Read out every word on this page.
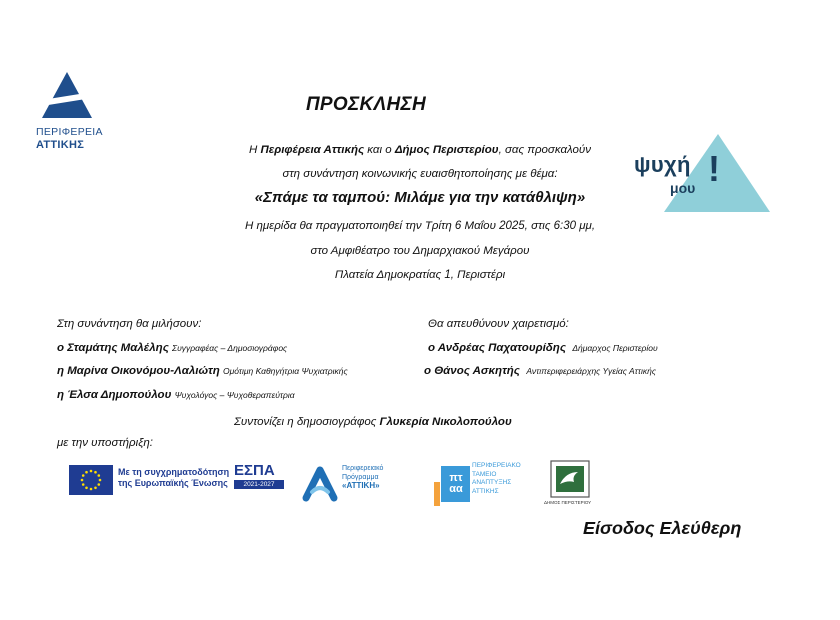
ΠΕΡΙΦΕΡΕΙΑ
ΑΤΤΙΚΗΣ
ΠΡΟΣΚΛΗΣΗ
ψυχή
μου !
Η Περιφέρεια Αττικής και ο Δήμος Περιστερίου, σας προσκαλούν
στη συνάντηση κοινωνικής ευαισθητοποίησης με θέμα:
«Σπάμε τα ταμπού: Μιλάμε για την κατάθλιψη»
Η ημερίδα θα πραγματοποιηθεί την Τρίτη 6 Μαΐου 2025, στις 6:30 μμ,
στο Αμφιθέατρο του Δημαρχιακού Μεγάρου
Πλατεία Δημοκρατίας 1, Περιστέρι
Στη συνάντηση θα μιλήσουν:
ο Σταμάτης Μαλέλης Συγγραφέας – Δημοσιογράφος
η Μαρίνα Οικονόμου-Λαλιώτη Ομότιμη Καθηγήτρια Ψυχιατρικής
η Έλσα Δημοπούλου Ψυχολόγος – Ψυχοθεραπεύτρια
Θα απευθύνουν χαιρετισμό:
ο Ανδρέας Παχατουρίδης Δήμαρχος Περιστερίου
ο Θάνος Ασκητής Αντιπεριφερειάρχης Υγείας Αττικής
Συντονίζει η δημοσιογράφος Γλυκερία Νικολοπούλου
με την υποστήριξη:
Με τη συγχρηματοδότηση της Ευρωπαϊκής Ένωσης
ΕΣΠΑ
2021-2027
Περιφερειακό
Πρόγραμμα
«ΑΤΤΙΚΗ»
πτ αα
ΠΕΡΙΦΕΡΕΙΑΚΟ
ΤΑΜΕΙΟ
ΑΝΑΠΤΥΞΗΣ
ΑΤΤΙΚΗΣ
ΔΗΜΟΣ ΠΕΡΙΣΤΕΡΙΟΥ
Είσοδος Ελεύθερη
